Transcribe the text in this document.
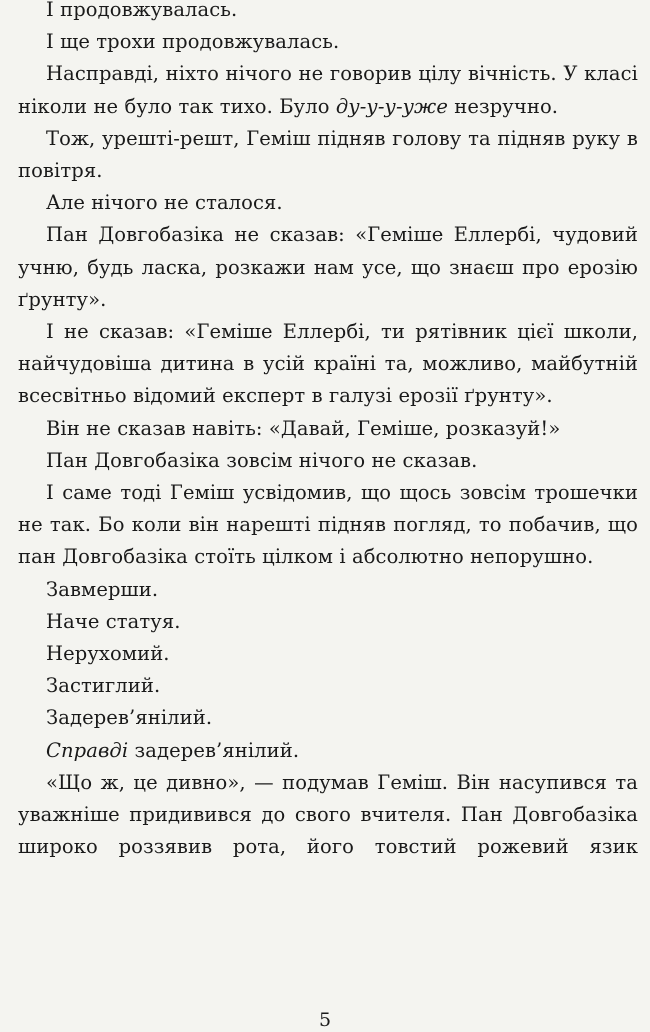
І продовжувалась.

І ще трохи продовжувалась.

Насправді, ніхто нічого не говорив цілу вічність. У класі ніколи не було так тихо. Було ду-у-у-уже незручно.

Тож, урешті-решт, Геміш підняв голову та підняв руку в повітря.

Але нічого не сталося.

Пан Довгобазіка не сказав: «Геміше Еллербі, чудовий учню, будь ласка, розкажи нам усе, що знаєш про ерозію ґрунту».

І не сказав: «Геміше Еллербі, ти рятівник цієї школи, найчудовіша дитина в усій країні та, можливо, майбутній всесвітньо відомий експерт в галузі ерозії ґрунту».

Він не сказав навіть: «Давай, Геміше, розказуй!»

Пан Довгобазіка зовсім нічого не сказав.

І саме тоді Геміш усвідомив, що щось зовсім трошечки не так. Бо коли він нарешті підняв погляд, то побачив, що пан Довгобазіка стоїть цілком і абсолютно непорушно.

Завмерши.

Наче статуя.

Нерухомий.

Застиглий.

Задерев’янілий.

Справді задерев’янілий.

«Що ж, це дивно», — подумав Геміш. Він насупився та уважніше придивився до свого вчителя. Пан Довгобазіка широко роззявив рота, його товстий рожевий язик

5
